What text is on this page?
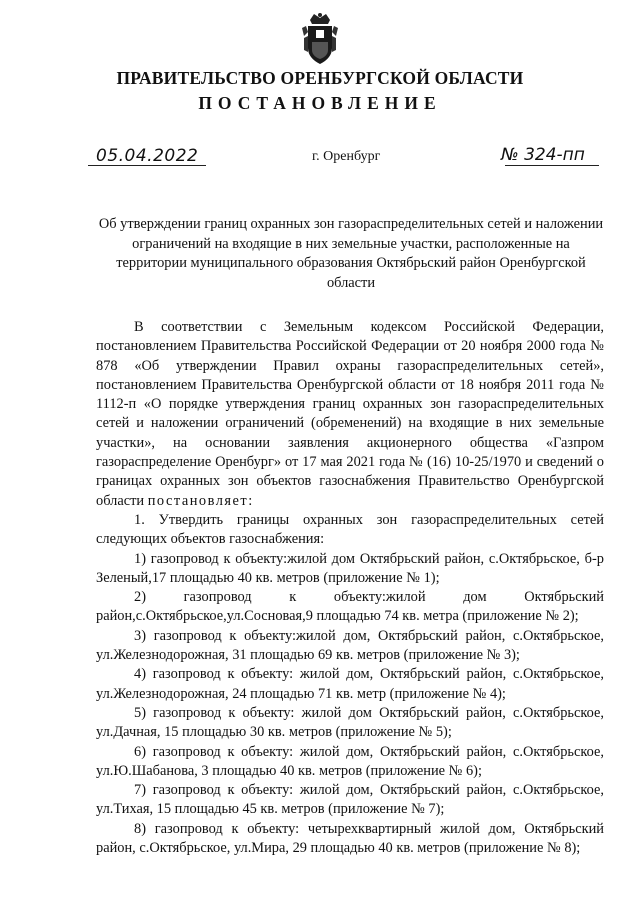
ПРАВИТЕЛЬСТВО ОРЕНБУРГСКОЙ ОБЛАСТИ
ПОСТАНОВЛЕНИЕ
05.04.2022	г. Оренбург	№ 324-пп
Об утверждении границ охранных зон газораспределительных сетей и наложении ограничений на входящие в них земельные участки, расположенные на территории муниципального образования Октябрьский район Оренбургской области

В соответствии с Земельным кодексом Российской Федерации, постановлением Правительства Российской Федерации от 20 ноября 2000 года № 878 «Об утверждении Правил охраны газораспределительных сетей», постановлением Правительства Оренбургской области от 18 ноября 2011 года № 1112-п «О порядке утверждения границ охранных зон газораспределительных сетей и наложении ограничений (обременений) на входящие в них земельные участки», на основании заявления акционерного общества «Газпром газораспределение Оренбург» от 17 мая 2021 года № (16) 10-25/1970 и сведений о границах охранных зон объектов газоснабжения Правительство Оренбургской области постановляет:

1. Утвердить границы охранных зон газораспределительных сетей следующих объектов газоснабжения:

1) газопровод к объекту:жилой дом Октябрьский район, с.Октябрьское, б-р Зеленый,17 площадью 40 кв. метров (приложение № 1);

2) газопровод к объекту:жилой дом Октябрьский район,с.Октябрьское,ул.Сосновая,9 площадью 74 кв. метра (приложение № 2);

3) газопровод к объекту:жилой дом, Октябрьский район, с.Октябрьское, ул.Железнодорожная, 31 площадью 69 кв. метров (приложение № 3);

4) газопровод к объекту: жилой дом, Октябрьский район, с.Октябрьское, ул.Железнодорожная, 24 площадью 71 кв. метр (приложение № 4);

5) газопровод к объекту: жилой дом Октябрьский район, с.Октябрьское, ул.Дачная, 15 площадью 30 кв. метров (приложение № 5);

6) газопровод к объекту: жилой дом, Октябрьский район, с.Октябрьское, ул.Ю.Шабанова, 3 площадью 40 кв. метров (приложение № 6);

7) газопровод к объекту: жилой дом, Октябрьский район, с.Октябрьское, ул.Тихая, 15 площадью 45 кв. метров (приложение № 7);

8) газопровод к объекту: четырехквартирный жилой дом, Октябрьский район, с.Октябрьское, ул.Мира, 29 площадью 40 кв. метров (приложение № 8);
